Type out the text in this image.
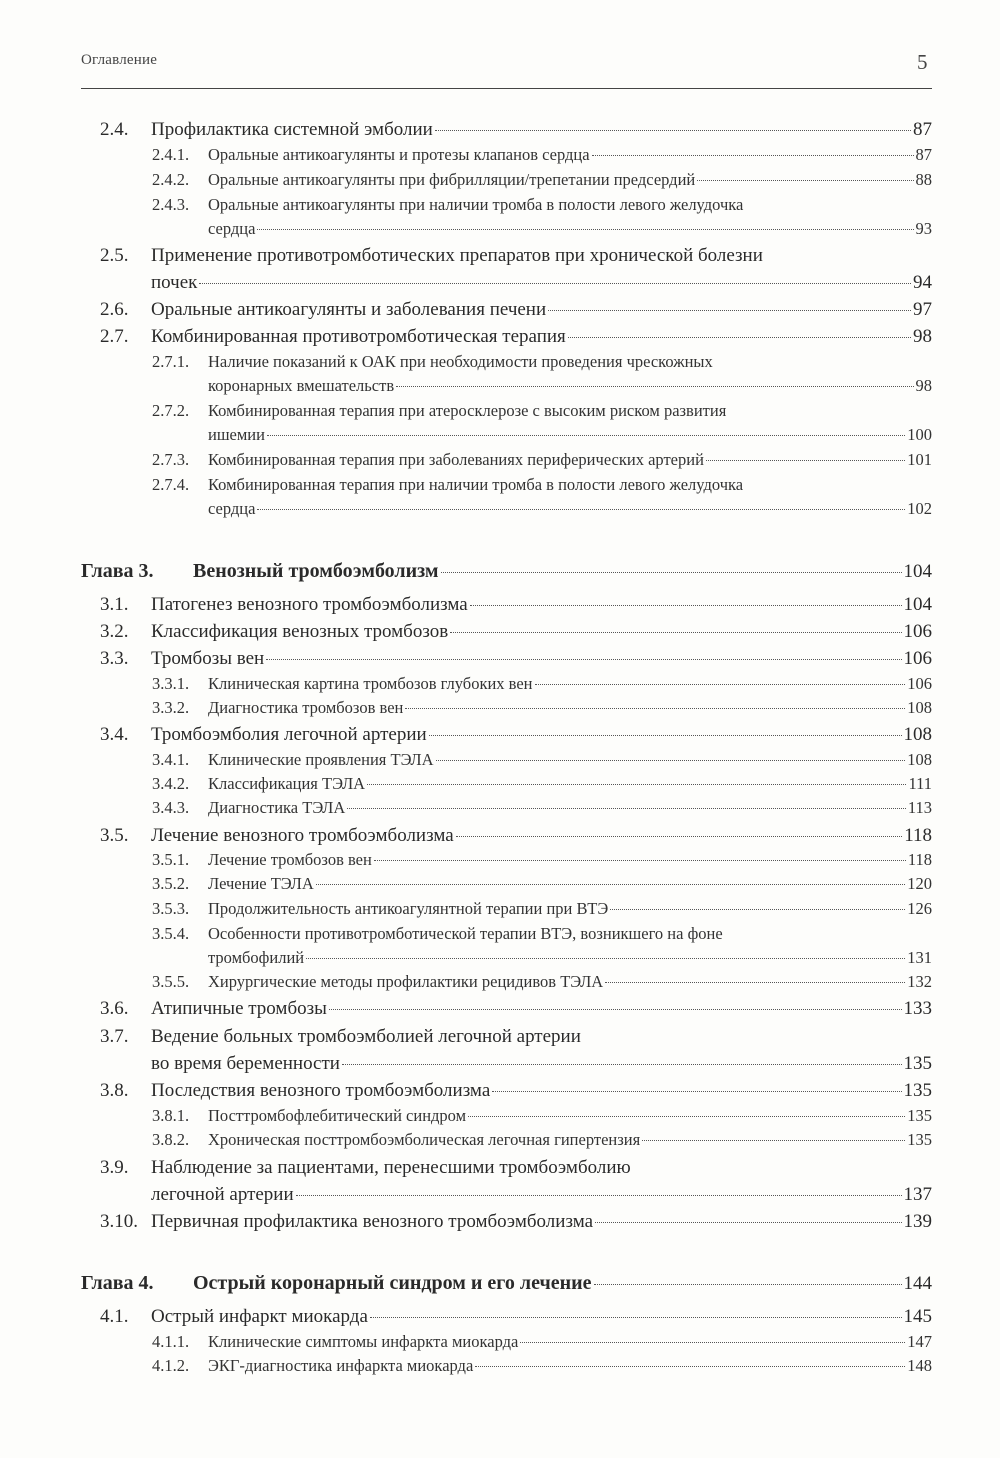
Оглавление	5
2.4.	Профилактика системной эмболии	87
2.4.1.	Оральные антикоагулянты и протезы клапанов сердца	87
2.4.2.	Оральные антикоагулянты при фибрилляции/трепетании предсердий	88
2.4.3.	Оральные антикоагулянты при наличии тромба в полости левого желудочка
сердца	93
2.5.	Применение противотромботических препаратов при хронической болезни
почек	94
2.6.	Оральные антикоагулянты и заболевания печени	97
2.7.	Комбинированная противотромботическая терапия	98
2.7.1.	Наличие показаний к ОАК при необходимости проведения чрескожных
коронарных вмешательств	98
2.7.2.	Комбинированная терапия при атеросклерозе с высоким риском развития
ишемии	100
2.7.3.	Комбинированная терапия при заболеваниях периферических артерий	101
2.7.4.	Комбинированная терапия при наличии тромба в полости левого желудочка
сердца	102
Глава 3.	Венозный тромбоэмболизм	104
3.1.	Патогенез венозного тромбоэмболизма	104
3.2.	Классификация венозных тромбозов	106
3.3.	Тромбозы вен	106
3.3.1.	Клиническая картина тромбозов глубоких вен	106
3.3.2.	Диагностика тромбозов вен	108
3.4.	Тромбоэмболия легочной артерии	108
3.4.1.	Клинические проявления ТЭЛА	108
3.4.2.	Классификация ТЭЛА	111
3.4.3.	Диагностика ТЭЛА	113
3.5.	Лечение венозного тромбоэмболизма	118
3.5.1.	Лечение тромбозов вен	118
3.5.2.	Лечение ТЭЛА	120
3.5.3.	Продолжительность антикоагулянтной терапии при ВТЭ	126
3.5.4.	Особенности противотромботической терапии ВТЭ, возникшего на фоне
тромбофилий	131
3.5.5.	Хирургические методы профилактики рецидивов ТЭЛА	132
3.6.	Атипичные тромбозы	133
3.7.	Ведение больных тромбоэмболией легочной артерии
во время беременности	135
3.8.	Последствия венозного тромбоэмболизма	135
3.8.1.	Посттромбофлебитический синдром	135
3.8.2.	Хроническая посттромбоэмболическая легочная гипертензия	135
3.9.	Наблюдение за пациентами, перенесшими тромбоэмболию
легочной артерии	137
3.10. Первичная профилактика венозного тромбоэмболизма	139
Глава 4.	Острый коронарный синдром и его лечение	144
4.1.	Острый инфаркт миокарда	145
4.1.1.	Клинические симптомы инфаркта миокарда	147
4.1.2.	ЭКГ-диагностика инфаркта миокарда	148
